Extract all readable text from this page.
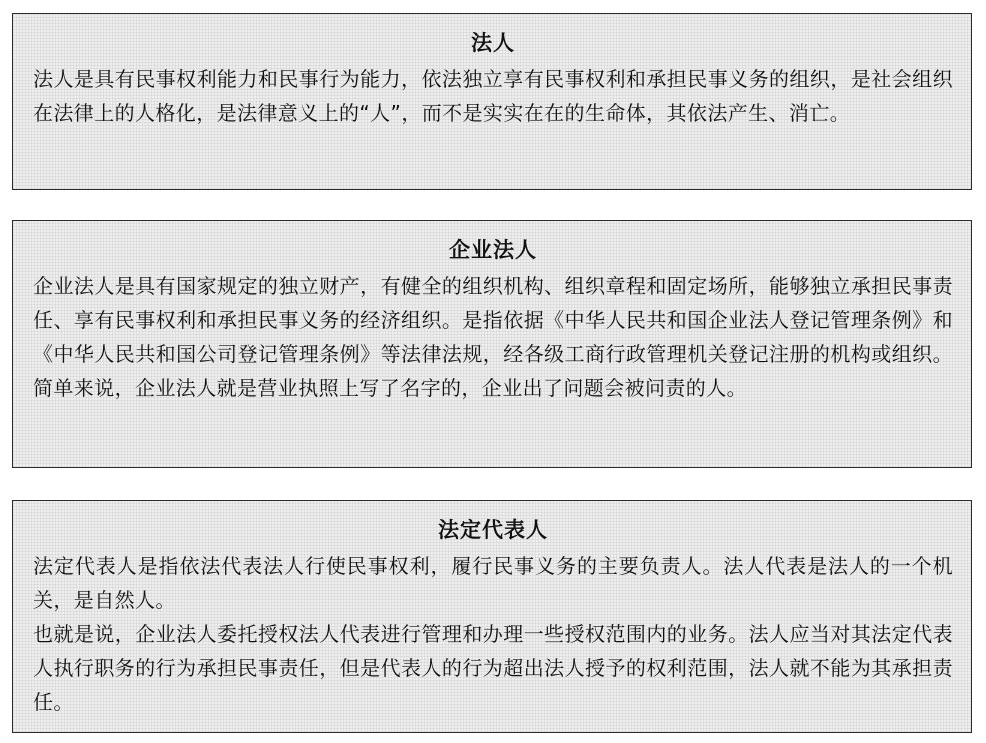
法人

法人是具有民事权利能力和民事行为能力，依法独立享有民事权利和承担民事义务的组织，是社会组织在法律上的人格化，是法律意义上的“人”，而不是实实在在的生命体，其依法产生、消亡。

企业法人

企业法人是具有国家规定的独立财产，有健全的组织机构、组织章程和固定场所，能够独立承担民事责任、享有民事权利和承担民事义务的经济组织。是指依据《中华人民共和国企业法人登记管理条例》和《中华人民共和国公司登记管理条例》等法律法规，经各级工商行政管理机关登记注册的机构或组织。简单来说，企业法人就是营业执照上写了名字的，企业出了问题会被问责的人。

法定代表人

法定代表人是指依法代表法人行使民事权利，履行民事义务的主要负责人。法人代表是法人的一个机关，是自然人。

也就是说，企业法人委托授权法人代表进行管理和办理一些授权范围内的业务。法人应当对其法定代表人执行职务的行为承担民事责任，但是代表人的行为超出法人授予的权利范围，法人就不能为其承担责任。
